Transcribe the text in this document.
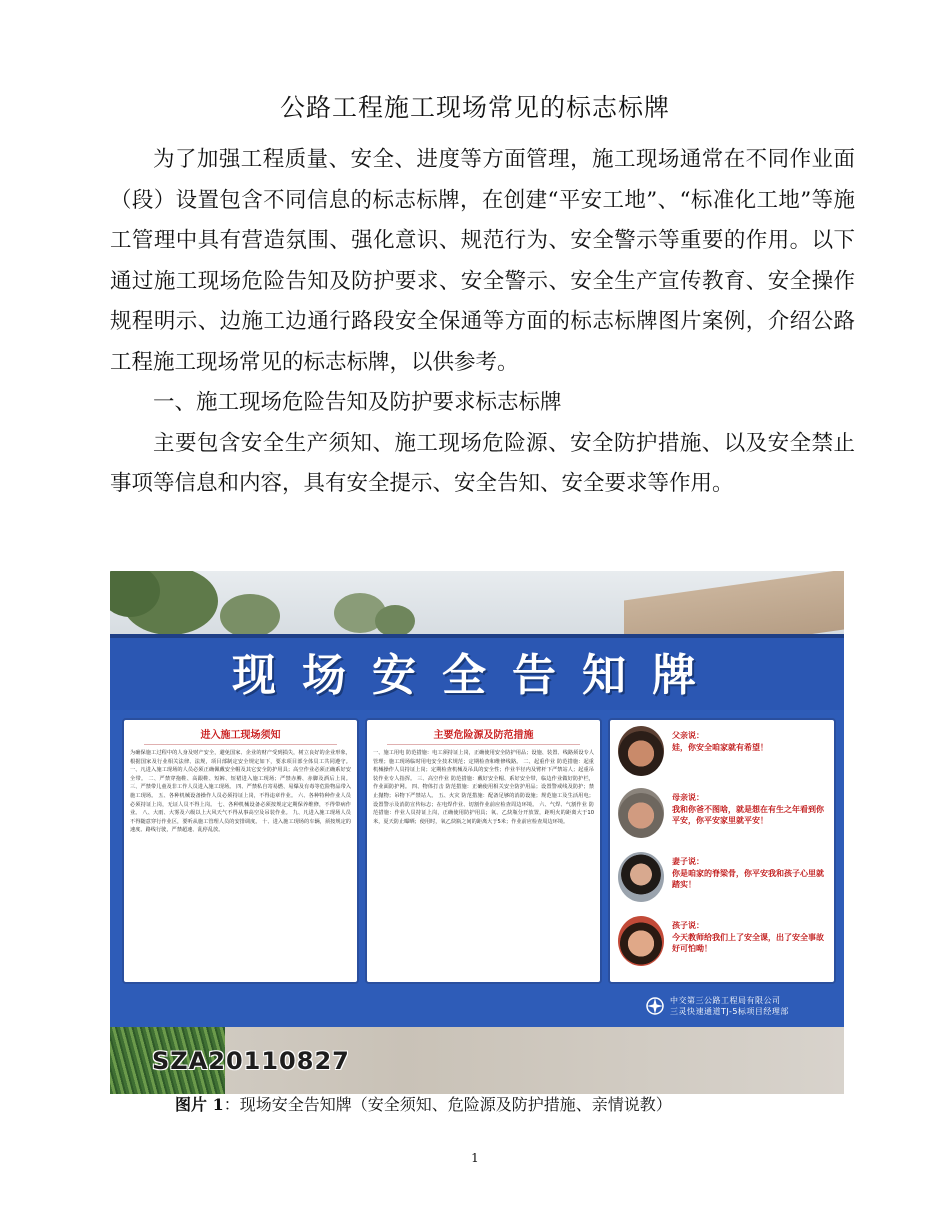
公路工程施工现场常见的标志标牌

为了加强工程质量、安全、进度等方面管理，施工现场通常在不同作业面（段）设置包含不同信息的标志标牌，在创建“平安工地”、“标准化工地”等施工管理中具有营造氛围、强化意识、规范行为、安全警示等重要的作用。以下通过施工现场危险告知及防护要求、安全警示、安全生产宣传教育、安全操作规程明示、边施工边通行路段安全保通等方面的标志标牌图片案例，介绍公路工程施工现场常见的标志标牌，以供参考。

一、施工现场危险告知及防护要求标志标牌

主要包含安全生产须知、施工现场危险源、安全防护措施、以及安全禁止事项等信息和内容，具有安全提示、安全告知、安全要求等作用。

现场安全告知牌
进入施工现场须知
为确保施工过程中的人身及财产安全，避免国家、企业的财产受到损失，树立良好的企业形象，根据国家及行业相关法律、法规，项目部制定安全规定如下，要求项目部全体员工共同遵守。 一、凡进入施工现场的人员必须正确佩戴安全帽及其它安全防护用具；高空作业必须正确系好安全带。 二、严禁穿拖鞋、高跟鞋、短裤、短裙进入施工现场；严禁赤膊、赤脚及酒后上岗。 三、严禁带儿童及非工作人员进入施工现场。 四、严禁私自寄易燃、易爆及有毒等危险物品带入施工现场。 五、各种机械设备操作人员必须持证上岗，不得违章作业。 六、各种特种作业人员必须持证上岗，无证人员不得上岗。 七、各种机械设备必须按规定定期保养维修，不得带病作业。 八、大雨、大雾及六级以上大风天气不得从事高空及吊装作业。 九、凡进入施工现场人员不得随意穿行作业区，要听从施工管理人员的安排调度。 十、进入施工现场的车辆，须按规定的速度、路线行驶，严禁超速、乱停乱放。
主要危险源及防范措施
一、施工用电 防范措施：电工须持证上岗，正确使用安全防护用品；设施、装置、线路须设专人管理；施工现场临时用电安全技术规范；定期检查和维修线路。 二、起重作业 防范措施：起重机械操作人员持证上岗；定期检查机械及吊具的安全性；作业半径内及臂杆下严禁站人；起重吊装作业专人指挥。 三、高空作业 防范措施：戴好安全帽、系好安全带，临边作业做好防护栏，作业面防护网。 四、物体打击 防范措施：正确使用相关安全防护用品；设置警戒线及防护；禁止抛物；吊物下严禁站人。 五、火灾 防范措施：配备足够的消防设施；规范施工及生活用电；设置警示及消防宣传标志；在电焊作业、切割作业前应检查周边环境。 六、气焊、气割作业 防范措施：作业人员持证上岗，正确使用防护用具；氧、乙炔瓶分开放置，距明火的距离大于10米，夏天防止曝晒；使用时，氧乙炔瓶之间的距离大于5米；作业前应检查周边环境。
父亲说：
娃，你安全咱家就有希望！
母亲说：
我和你爸不图啥，就是想在有生之年看到你平安，你平安家里就平安！
妻子说：
你是咱家的脊梁骨，你平安我和孩子心里就踏实！
孩子说：
今天教师给我们上了安全课，出了安全事故好可怕呦！
中交第三公路工程局有限公司
三灵快速通道TJ-5标项目经理部
SZA20110827
图片 1：现场安全告知牌（安全须知、危险源及防护措施、亲情说教）
1
